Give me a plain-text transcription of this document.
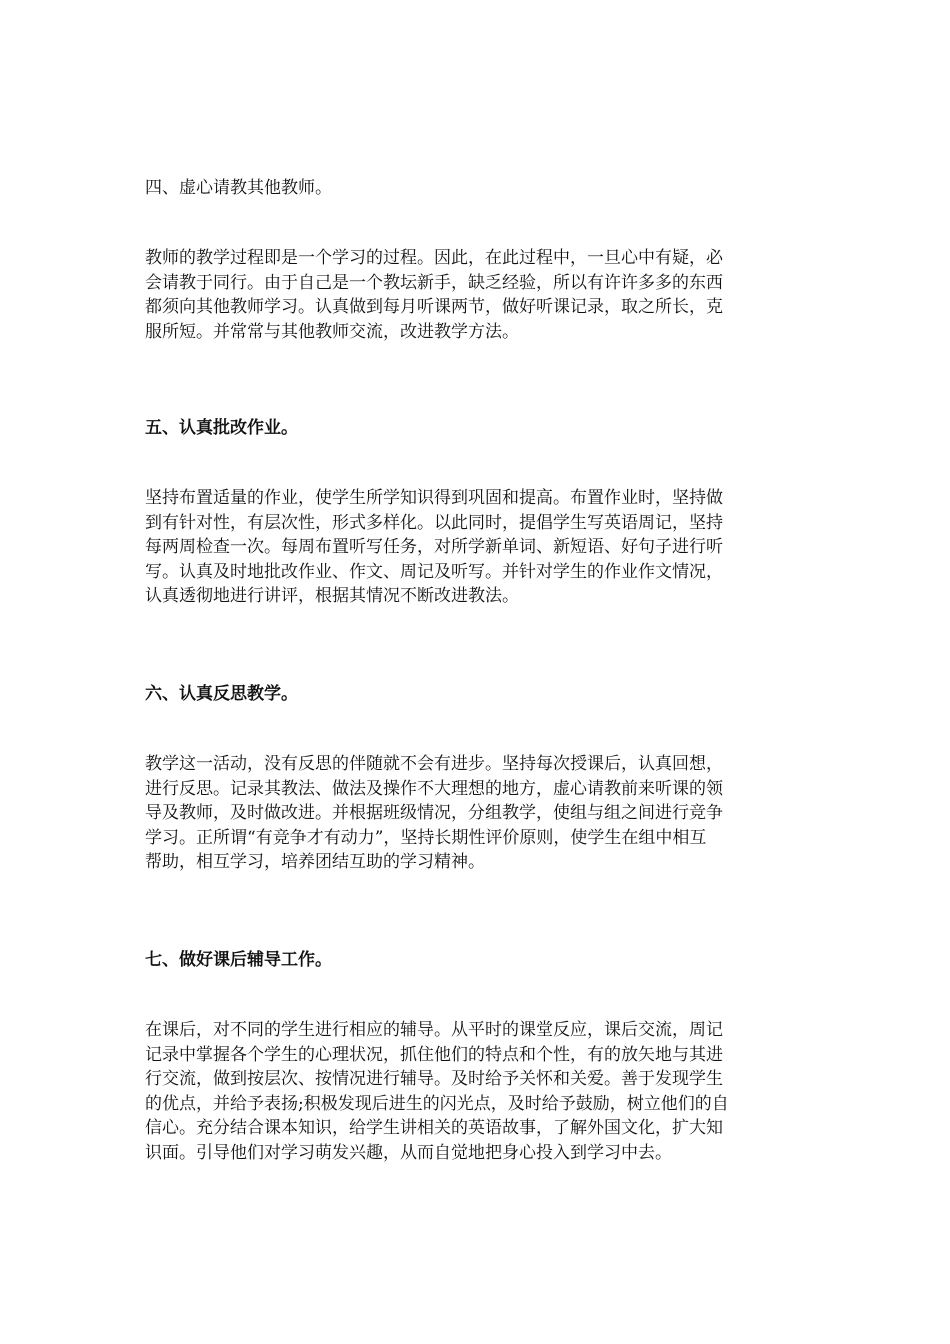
四、虚心请教其他教师。
教师的教学过程即是一个学习的过程。因此，在此过程中，一旦心中有疑，必
会请教于同行。由于自己是一个教坛新手，缺乏经验，所以有许许多多的东西
都须向其他教师学习。认真做到每月听课两节，做好听课记录，取之所长，克
服所短。并常常与其他教师交流，改进教学方法。
五、认真批改作业。
坚持布置适量的作业，使学生所学知识得到巩固和提高。布置作业时，坚持做
到有针对性，有层次性，形式多样化。以此同时，提倡学生写英语周记，坚持
每两周检查一次。每周布置听写任务，对所学新单词、新短语、好句子进行听
写。认真及时地批改作业、作文、周记及听写。并针对学生的作业作文情况，
认真透彻地进行讲评，根据其情况不断改进教法。
六、认真反思教学。
教学这一活动，没有反思的伴随就不会有进步。坚持每次授课后，认真回想，
进行反思。记录其教法、做法及操作不大理想的地方，虚心请教前来听课的领
导及教师，及时做改进。并根据班级情况，分组教学，使组与组之间进行竞争
学习。正所谓“有竞争才有动力”，坚持长期性评价原则，使学生在组中相互
帮助，相互学习，培养团结互助的学习精神。
七、做好课后辅导工作。
在课后，对不同的学生进行相应的辅导。从平时的课堂反应，课后交流，周记
记录中掌握各个学生的心理状况，抓住他们的特点和个性，有的放矢地与其进
行交流，做到按层次、按情况进行辅导。及时给予关怀和关爱。善于发现学生
的优点，并给予表扬;积极发现后进生的闪光点，及时给予鼓励，树立他们的自
信心。充分结合课本知识，给学生讲相关的英语故事，了解外国文化，扩大知
识面。引导他们对学习萌发兴趣，从而自觉地把身心投入到学习中去。
